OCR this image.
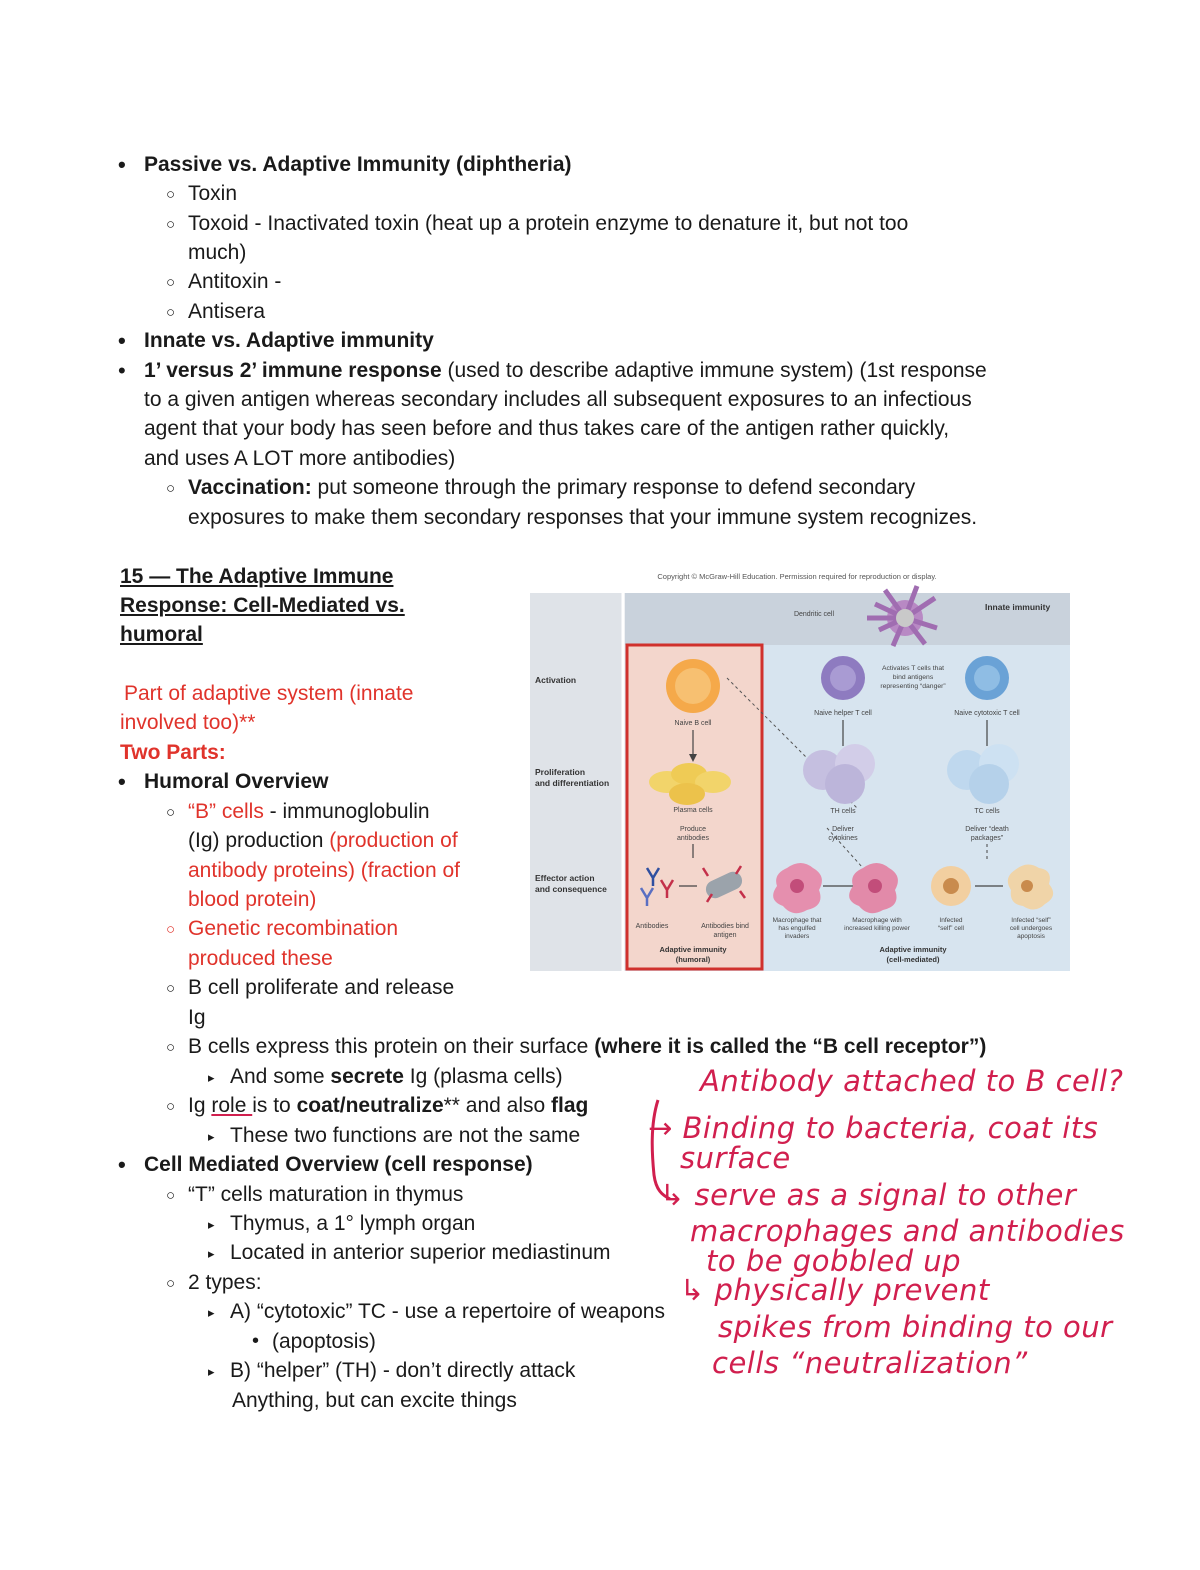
• Passive vs. Adaptive Immunity (diphtheria)
○ Toxin
○ Toxoid - Inactivated toxin (heat up a protein enzyme to denature it, but not too
much)
○ Antitoxin -
○ Antisera
• Innate vs. Adaptive immunity
• 1’ versus 2’ immune response (used to describe adaptive immune system) (1st response
to a given antigen whereas secondary includes all subsequent exposures to an infectious
agent that your body has seen before and thus takes care of the antigen rather quickly,
and uses A LOT more antibodies)
○ Vaccination: put someone through the primary response to defend secondary
exposures to make them secondary responses that your immune system recognizes.
15 — The Adaptive Immune Response: Cell-Mediated vs. humoral
Part of adaptive system (innate
involved too)**
Two Parts:
• Humoral Overview
○ “B” cells - immunoglobulin
(Ig) production (production of
antibody proteins) (fraction of
blood protein)
○ Genetic recombination
produced these
○ B cell proliferate and release
Ig
○ B cells express this protein on their surface (where it is called the “B cell receptor”)
▸ And some secrete Ig (plasma cells)
○ Ig role is to coat/neutralize** and also flag
▸ These two functions are not the same
• Cell Mediated Overview (cell response)
○ “T” cells maturation in thymus
▸ Thymus, a 1° lymph organ
▸ Located in anterior superior mediastinum
○ 2 types:
▸ A) “cytotoxic” TC - use a repertoire of weapons
• (apoptosis)
▸ B) “helper” (TH) - don’t directly attack
Anything, but can excite things
Antibody attached to B cell?
→ Binding to bacteria, coat its
surface
↳ serve as a signal to other
macrophages and antibodies
to be gobbled up
↳ physically prevent
spikes from binding to our
cells “neutralization”
Copyright © McGraw-Hill Education. Permission required for reproduction or display.
Innate immunity
Dendritic cell
Activation
Proliferation
and differentiation
Effector action
and consequence
Naive B cell
Plasma cells
Produce
antibodies
Antibodies	Antibodies bind
antigen
Adaptive immunity
(humoral)
Activates T cells that
bind antigens
representing “danger”
Naive helper T cell	Naive cytotoxic T cell
TH cells	TC cells
Deliver
cytokines
Deliver “death
packages”
Macrophage that
has engulfed
invaders
Macrophage with
increased killing power
Infected
“self” cell
Infected “self”
cell undergoes
apoptosis
Adaptive immunity
(cell-mediated)
